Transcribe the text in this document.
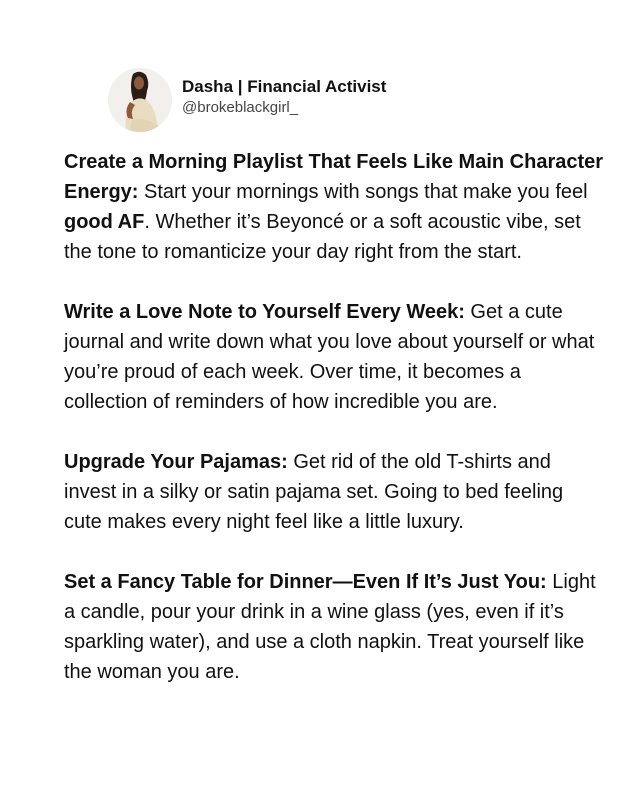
Dasha | Financial Activist
@brokeblackgirl_

Create a Morning Playlist That Feels Like Main Character Energy: Start your mornings with songs that make you feel good AF. Whether it’s Beyoncé or a soft acoustic vibe, set the tone to romanticize your day right from the start.

Write a Love Note to Yourself Every Week: Get a cute journal and write down what you love about yourself or what you’re proud of each week. Over time, it becomes a collection of reminders of how incredible you are.

Upgrade Your Pajamas: Get rid of the old T-shirts and invest in a silky or satin pajama set. Going to bed feeling cute makes every night feel like a little luxury.

Set a Fancy Table for Dinner—Even If It’s Just You: Light a candle, pour your drink in a wine glass (yes, even if it’s sparkling water), and use a cloth napkin. Treat yourself like the woman you are.
